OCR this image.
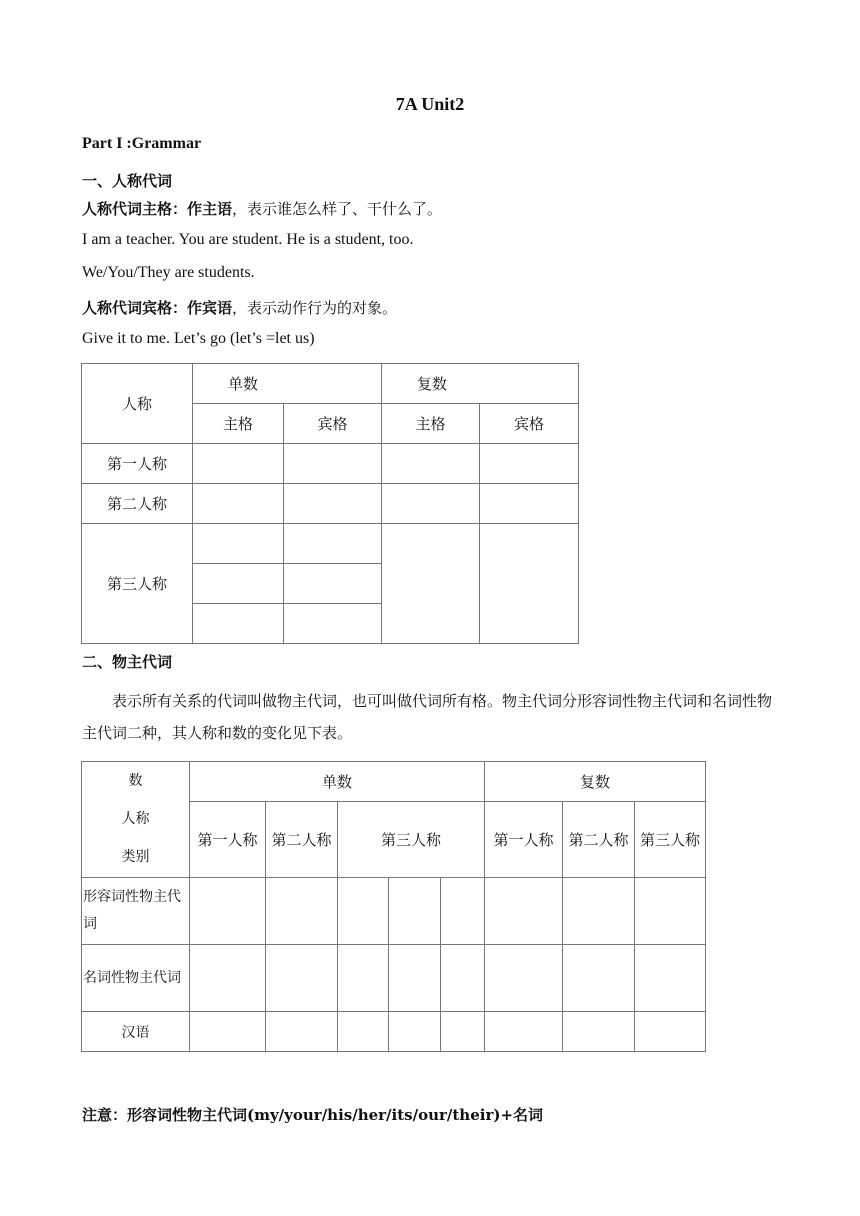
7A Unit2
Part I :Grammar
一、人称代词
人称代词主格：作主语，表示谁怎么样了、干什么了。
I am a teacher. You are student. He is a student, too.
We/You/They are students.
人称代词宾格：作宾语，表示动作行为的对象。
Give it to me. Let’s go (let’s =let us)
人称	单数		复数	
	主格	宾格	主格	宾格
第一人称				
第二人称				
第三人称				

二、物主代词
表示所有关系的代词叫做物主代词，也可叫做代词所有格。物主代词分形容词性物主代词和名词性物主代词二种，其人称和数的变化见下表。
数
人称
类别	单数					复数		
	第一人称	第二人称	第三人称			第一人称	第二人称	第三人称
形容词性物主代词								
名词性物主代词								
汉语								
注意：形容词性物主代词(my/your/his/her/its/our/their)+名词
